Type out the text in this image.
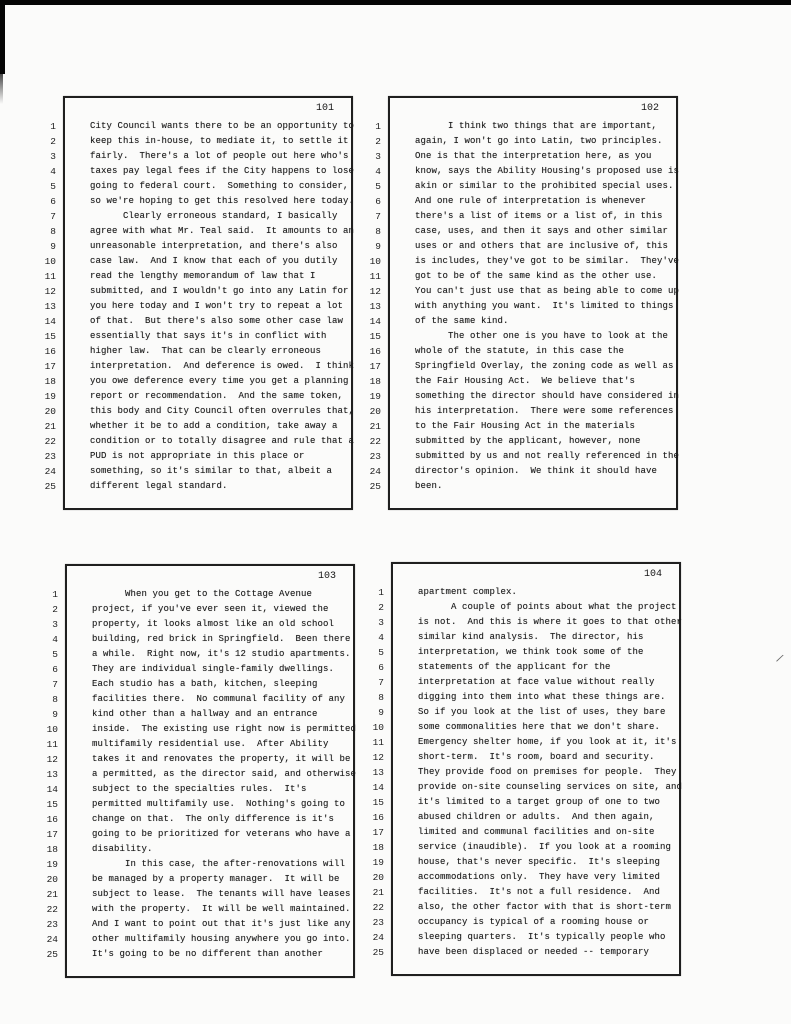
1
2
3
4
5
6
7
8
9
10
11
12
13
14
15
16
17
18
19
20
21
22
23
24
25
101
City Council wants there to be an opportunity to
keep this in-house, to mediate it, to settle it
fairly.  There's a lot of people out here who's
taxes pay legal fees if the City happens to lose
going to federal court.  Something to consider,
so we're hoping to get this resolved here today.
Clearly erroneous standard, I basically
agree with what Mr. Teal said.  It amounts to an
unreasonable interpretation, and there's also
case law.  And I know that each of you dutily
read the lengthy memorandum of law that I
submitted, and I wouldn't go into any Latin for
you here today and I won't try to repeat a lot
of that.  But there's also some other case law
essentially that says it's in conflict with
higher law.  That can be clearly erroneous
interpretation.  And deference is owed.  I think
you owe deference every time you get a planning
report or recommendation.  And the same token,
this body and City Council often overrules that,
whether it be to add a condition, take away a
condition or to totally disagree and rule that a
PUD is not appropriate in this place or
something, so it's similar to that, albeit a
different legal standard.
1
2
3
4
5
6
7
8
9
10
11
12
13
14
15
16
17
18
19
20
21
22
23
24
25
102
I think two things that are important,
again, I won't go into Latin, two principles.
One is that the interpretation here, as you
know, says the Ability Housing's proposed use is
akin or similar to the prohibited special uses.
And one rule of interpretation is whenever
there's a list of items or a list of, in this
case, uses, and then it says and other similar
uses or and others that are inclusive of, this
is includes, they've got to be similar.  They've
got to be of the same kind as the other use.
You can't just use that as being able to come up
with anything you want.  It's limited to things
of the same kind.
The other one is you have to look at the
whole of the statute, in this case the
Springfield Overlay, the zoning code as well as
the Fair Housing Act.  We believe that's
something the director should have considered in
his interpretation.  There were some references
to the Fair Housing Act in the materials
submitted by the applicant, however, none
submitted by us and not really referenced in the
director's opinion.  We think it should have
been.
1
2
3
4
5
6
7
8
9
10
11
12
13
14
15
16
17
18
19
20
21
22
23
24
25
103
When you get to the Cottage Avenue
project, if you've ever seen it, viewed the
property, it looks almost like an old school
building, red brick in Springfield.  Been there
a while.  Right now, it's 12 studio apartments.
They are individual single-family dwellings.
Each studio has a bath, kitchen, sleeping
facilities there.  No communal facility of any
kind other than a hallway and an entrance
inside.  The existing use right now is permitted
multifamily residential use.  After Ability
takes it and renovates the property, it will be
a permitted, as the director said, and otherwise
subject to the specialties rules.  It's
permitted multifamily use.  Nothing's going to
change on that.  The only difference is it's
going to be prioritized for veterans who have a
disability.
In this case, the after-renovations will
be managed by a property manager.  It will be
subject to lease.  The tenants will have leases
with the property.  It will be well maintained.
And I want to point out that it's just like any
other multifamily housing anywhere you go into.
It's going to be no different than another
1
2
3
4
5
6
7
8
9
10
11
12
13
14
15
16
17
18
19
20
21
22
23
24
25
104
apartment complex.
A couple of points about what the project
is not.  And this is where it goes to that other
similar kind analysis.  The director, his
interpretation, we think took some of the
statements of the applicant for the
interpretation at face value without really
digging into them into what these things are.
So if you look at the list of uses, they bare
some commonalities here that we don't share.
Emergency shelter home, if you look at it, it's
short-term.  It's room, board and security.
They provide food on premises for people.  They
provide on-site counseling services on site, and
it's limited to a target group of one to two
abused children or adults.  And then again,
limited and communal facilities and on-site
service (inaudible).  If you look at a rooming
house, that's never specific.  It's sleeping
accommodations only.  They have very limited
facilities.  It's not a full residence.  And
also, the other factor with that is short-term
occupancy is typical of a rooming house or
sleeping quarters.  It's typically people who
have been displaced or needed -- temporary
/
